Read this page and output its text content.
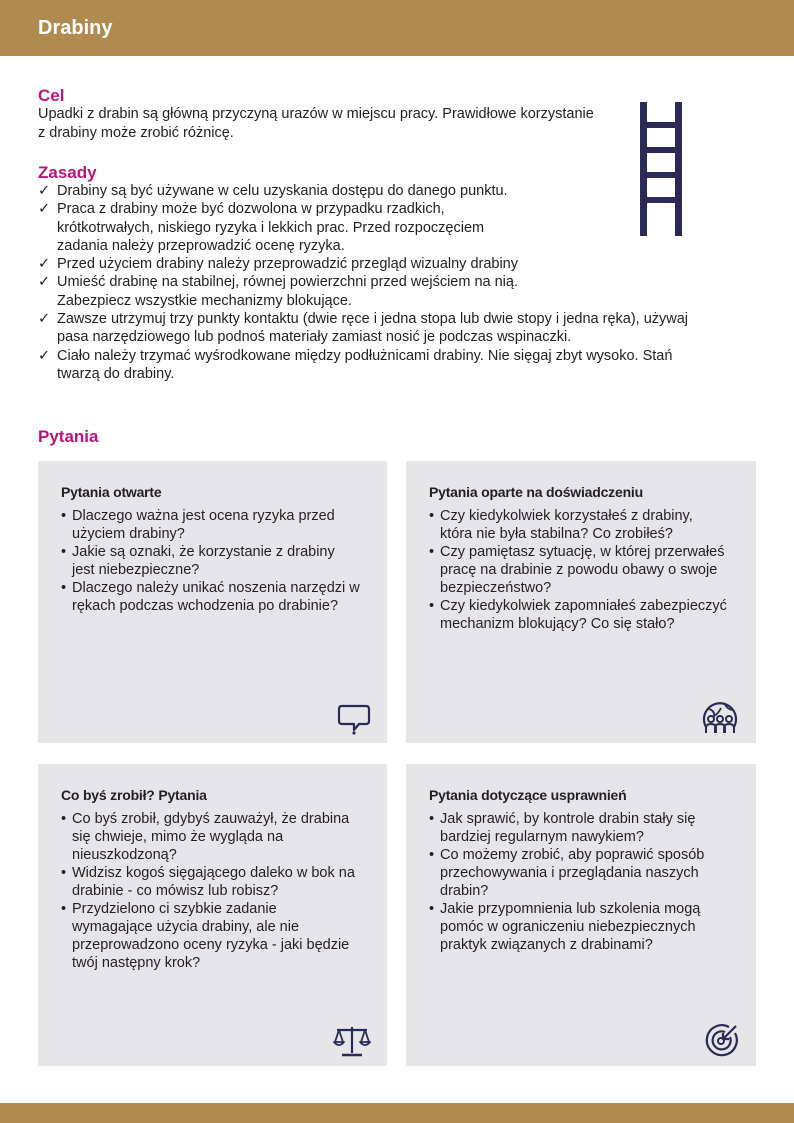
Drabiny
Cel

Upadki z drabin są główną przyczyną urazów w miejscu pracy. Prawidłowe korzystanie z drabiny może zrobić różnicę.

Zasady
✓ Drabiny są być używane w celu uzyskania dostępu do danego punktu.
✓ Praca z drabiny może być dozwolona w przypadku rzadkich, krótkotrwałych, niskiego ryzyka i lekkich prac. Przed rozpoczęciem zadania należy przeprowadzić ocenę ryzyka.
✓ Przed użyciem drabiny należy przeprowadzić przegląd wizualny drabiny
✓ Umieść drabinę na stabilnej, równej powierzchni przed wejściem na nią. Zabezpiecz wszystkie mechanizmy blokujące.
✓ Zawsze utrzymuj trzy punkty kontaktu (dwie ręce i jedna stopa lub dwie stopy i jedna ręka), używaj pasa narzędziowego lub podnoś materiały zamiast nosić je podczas wspinaczki.
✓ Ciało należy trzymać wyśrodkowane między podłużnicami drabiny. Nie sięgaj zbyt wysoko. Stań twarzą do drabiny.
Pytania
Pytania otwarte
• Dlaczego ważna jest ocena ryzyka przed użyciem drabiny?
• Jakie są oznaki, że korzystanie z drabiny jest niebezpieczne?
• Dlaczego należy unikać noszenia narzędzi w rękach podczas wchodzenia po drabinie?
Pytania oparte na doświadczeniu
• Czy kiedykolwiek korzystałeś z drabiny, która nie była stabilna? Co zrobiłeś?
• Czy pamiętasz sytuację, w której przerwałeś pracę na drabinie z powodu obawy o swoje bezpieczeństwo?
• Czy kiedykolwiek zapomniałeś zabezpieczyć mechanizm blokujący? Co się stało?
Co byś zrobił? Pytania
• Co byś zrobił, gdybyś zauważył, że drabina się chwieje, mimo że wygląda na nieuszkodzoną?
• Widzisz kogoś sięgającego daleko w bok na drabinie - co mówisz lub robisz?
• Przydzielono ci szybkie zadanie wymagające użycia drabiny, ale nie przeprowadzono oceny ryzyka - jaki będzie twój następny krok?
Pytania dotyczące usprawnień
• Jak sprawić, by kontrole drabin stały się bardziej regularnym nawykiem?
• Co możemy zrobić, aby poprawić sposób przechowywania i przeglądania naszych drabin?
• Jakie przypomnienia lub szkolenia mogą pomóc w ograniczeniu niebezpiecznych praktyk związanych z drabinami?
